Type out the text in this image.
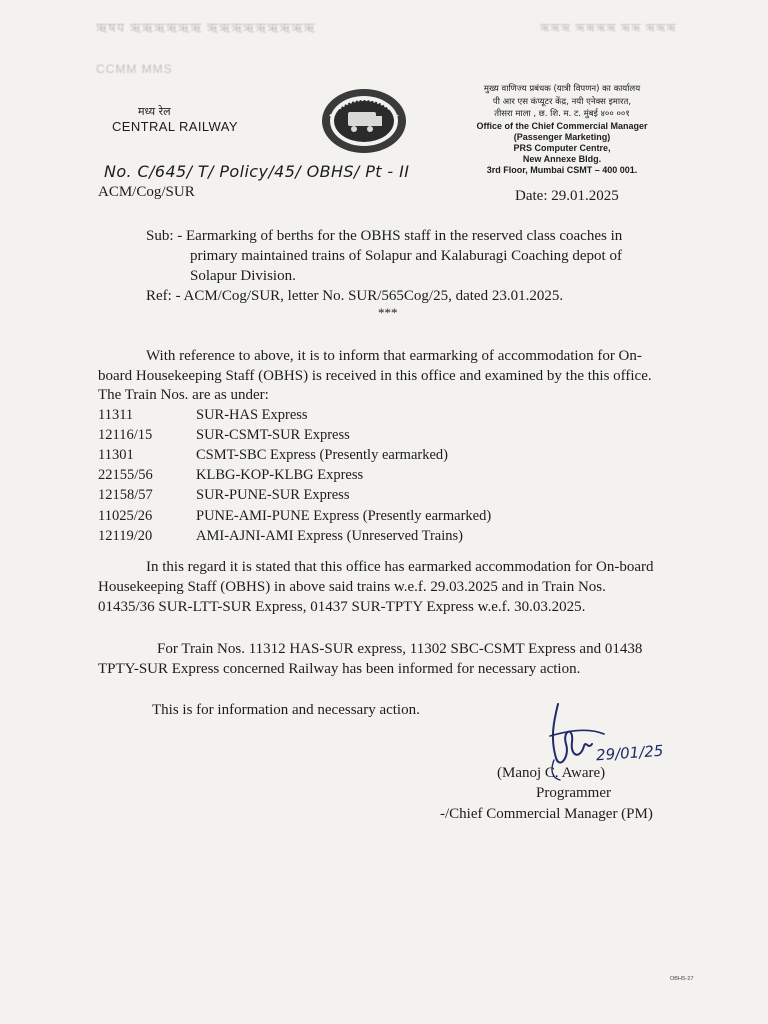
ऋषय ऋऋऋऋऋऋ ऋऋऋऋऋऋऋऋऋ	ऋऋऋ ऋऋऋऋ ऋऋ ऋऋऋ
CCMM MMS
मध्य रेल
CENTRAL RAILWAY
मुख्य वाणिज्य प्रबंधक (यात्री विपणन) का कार्यालय
पी आर एस कंप्यूटर केंद्र, नयी एनेक्स इमारत,
तीसरा माला , छ. शि. म. ट. मुंबई ४०० ००१
Office of the Chief Commercial Manager
(Passenger Marketing)
PRS Computer Centre,
New Annexe Bldg.
3rd Floor, Mumbai CSMT – 400 001.
No. C/645/ T/ Policy/45/ OBHS/ Pt - II
ACM/Cog/SUR	Date: 29.01.2025
Sub: - Earmarking of berths for the OBHS staff in the reserved class coaches in
primary maintained trains of Solapur and Kalaburagi Coaching depot of
Solapur Division.
Ref: - ACM/Cog/SUR, letter No. SUR/565Cog/25, dated 23.01.2025.
***
With reference to above, it is to inform that earmarking of accommodation for On-
board Housekeeping Staff (OBHS) is received in this office and examined by the this office.
The Train Nos. are as under:
11311	SUR-HAS Express
12116/15	SUR-CSMT-SUR Express
11301	CSMT-SBC Express (Presently earmarked)
22155/56	KLBG-KOP-KLBG Express
12158/57	SUR-PUNE-SUR Express
11025/26	PUNE-AMI-PUNE Express (Presently earmarked)
12119/20	AMI-AJNI-AMI Express (Unreserved Trains)
In this regard it is stated that this office has earmarked accommodation for On-board
Housekeeping Staff (OBHS) in above said trains w.e.f. 29.03.2025 and in Train Nos.
01435/36 SUR-LTT-SUR Express, 01437 SUR-TPTY Express w.e.f. 30.03.2025.
For Train Nos. 11312 HAS-SUR express, 11302 SBC-CSMT Express and 01438
TPTY-SUR Express concerned Railway has been informed for necessary action.
This is for information and necessary action.
29/01/25
(Manoj C. Aware)
Programmer
-/Chief Commercial Manager (PM)
OBHS-27
